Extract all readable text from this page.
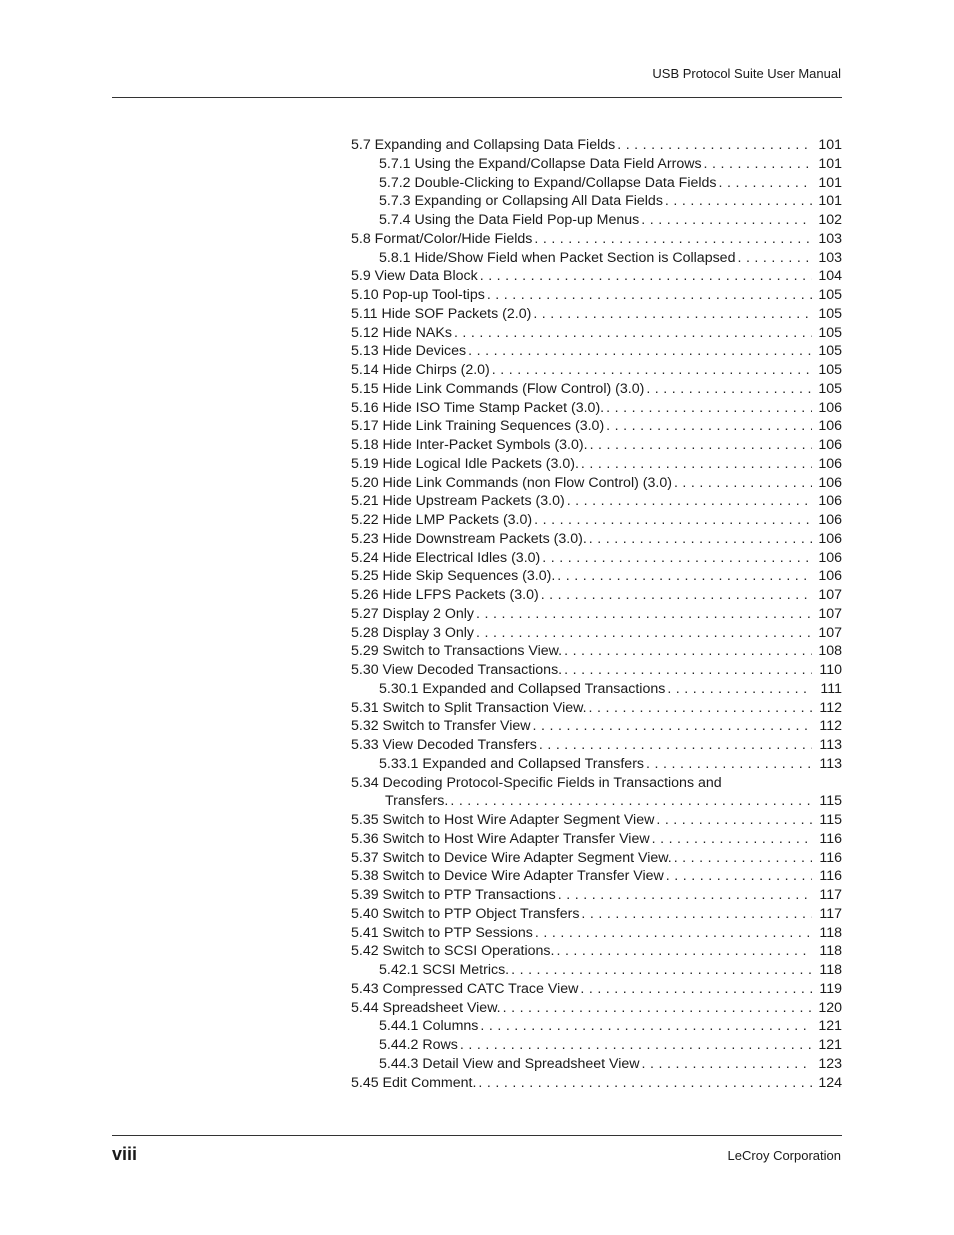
USB Protocol Suite User Manual
5.7 Expanding and Collapsing Data Fields . . .	101
5.7.1 Using the Expand/Collapse Data Field Arrows . . .	101
5.7.2 Double-Clicking to Expand/Collapse Data Fields . . .	101
5.7.3 Expanding or Collapsing All Data Fields . . .	101
5.7.4 Using the Data Field Pop-up Menus . . .	102
5.8 Format/Color/Hide Fields . . .	103
5.8.1 Hide/Show Field when Packet Section is Collapsed . . .	103
5.9 View Data Block . . .	104
5.10 Pop-up Tool-tips . . .	105
5.11 Hide SOF Packets (2.0) . . .	105
5.12 Hide NAKs . . .	105
5.13 Hide Devices . . .	105
5.14 Hide Chirps (2.0) . . .	105
5.15 Hide Link Commands (Flow Control) (3.0) . . .	105
5.16 Hide ISO Time Stamp Packet (3.0). . . .	106
5.17 Hide Link Training Sequences (3.0) . . .	106
5.18 Hide Inter-Packet Symbols (3.0). . . .	106
5.19 Hide Logical Idle Packets (3.0). . . .	106
5.20 Hide Link Commands (non Flow Control) (3.0) . . .	106
5.21 Hide Upstream Packets (3.0) . . .	106
5.22 Hide LMP Packets (3.0) . . .	106
5.23 Hide Downstream Packets (3.0). . . .	106
5.24 Hide Electrical Idles (3.0) . . .	106
5.25 Hide Skip Sequences (3.0). . . .	106
5.26 Hide LFPS Packets (3.0) . . .	107
5.27 Display 2 Only . . .	107
5.28 Display 3 Only . . .	107
5.29 Switch to Transactions View. . . .	108
5.30 View Decoded Transactions. . . .	110
5.30.1 Expanded and Collapsed Transactions . . .	111
5.31 Switch to Split Transaction View. . . .	112
5.32 Switch to Transfer View . . .	112
5.33 View Decoded Transfers . . .	113
5.33.1 Expanded and Collapsed Transfers . . .	113
5.34 Decoding Protocol-Specific Fields in Transactions and
Transfers. . . .	115
5.35 Switch to Host Wire Adapter Segment View . . .	115
5.36 Switch to Host Wire Adapter Transfer View . . .	116
5.37 Switch to Device Wire Adapter Segment View. . . .	116
5.38 Switch to Device Wire Adapter Transfer View . . .	116
5.39 Switch to PTP Transactions . . .	117
5.40 Switch to PTP Object Transfers . . .	117
5.41 Switch to PTP Sessions . . .	118
5.42 Switch to SCSI Operations. . . .	118
5.42.1 SCSI Metrics. . . .	118
5.43 Compressed CATC Trace View . . .	119
5.44 Spreadsheet View. . . .	120
5.44.1 Columns . . .	121
5.44.2 Rows . . .	121
5.44.3 Detail View and Spreadsheet View . . .	123
5.45 Edit Comment. . . .	124
viii	LeCroy Corporation
